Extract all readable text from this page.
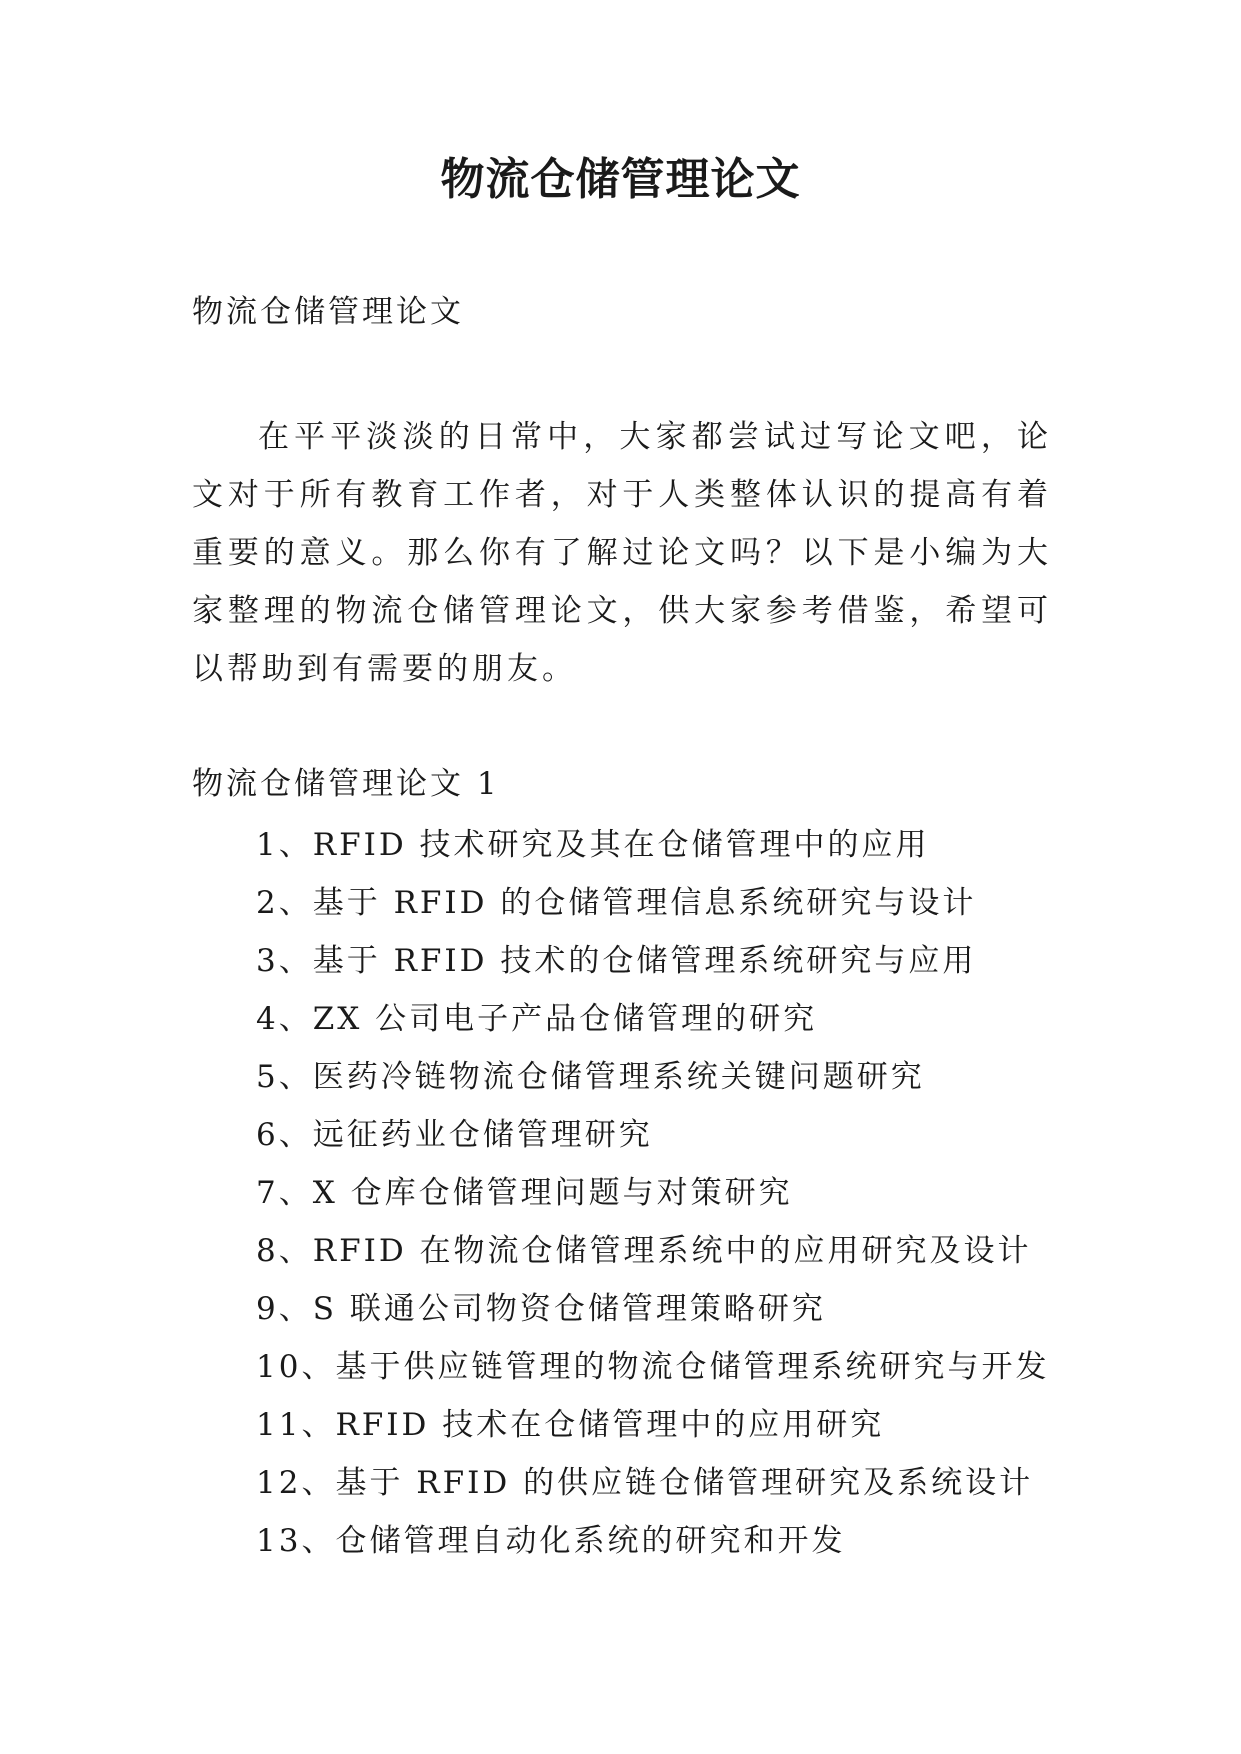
物流仓储管理论文
物流仓储管理论文

在平平淡淡的日常中，大家都尝试过写论文吧，论文对于所有教育工作者，对于人类整体认识的提高有着重要的意义。那么你有了解过论文吗？以下是小编为大家整理的物流仓储管理论文，供大家参考借鉴，希望可以帮助到有需要的朋友。

物流仓储管理论文 1
1、RFID 技术研究及其在仓储管理中的应用
2、基于 RFID 的仓储管理信息系统研究与设计
3、基于 RFID 技术的仓储管理系统研究与应用
4、ZX 公司电子产品仓储管理的研究
5、医药冷链物流仓储管理系统关键问题研究
6、远征药业仓储管理研究
7、X 仓库仓储管理问题与对策研究
8、RFID 在物流仓储管理系统中的应用研究及设计
9、S 联通公司物资仓储管理策略研究
10、基于供应链管理的物流仓储管理系统研究与开发
11、RFID 技术在仓储管理中的应用研究
12、基于 RFID 的供应链仓储管理研究及系统设计
13、仓储管理自动化系统的研究和开发
